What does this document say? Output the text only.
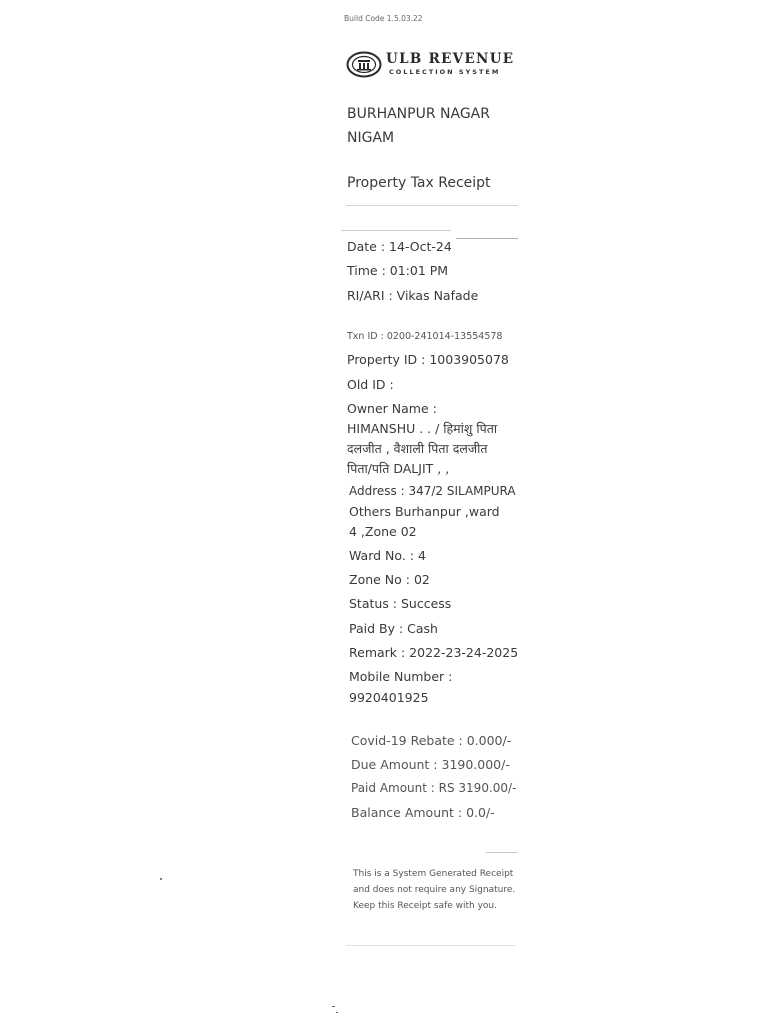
Build Code 1.5.03.22
ULB REVENUE
COLLECTION SYSTEM
BURHANPUR NAGAR
NIGAM
Property Tax Receipt
Date : 14-Oct-24
Time : 01:01 PM
RI/ARI : Vikas Nafade
Txn ID : 0200-241014-13554578
Property ID : 1003905078
Old ID :
Owner Name :
HIMANSHU . . / हिमांशु पिता
दलजीत , वैशाली पिता दलजीत
पिता/पति DALJIT , ,
Address : 347/2 SILAMPURA
Others Burhanpur ,ward
4 ,Zone 02
Ward No. : 4
Zone No : 02
Status : Success
Paid By : Cash
Remark : 2022-23-24-2025
Mobile Number :
9920401925
Covid-19 Rebate : 0.000/-
Due Amount : 3190.000/-
Paid Amount : RS 3190.00/-
Balance Amount : 0.0/-
This is a System Generated Receipt and does not require any Signature. Keep this Receipt safe with you.
